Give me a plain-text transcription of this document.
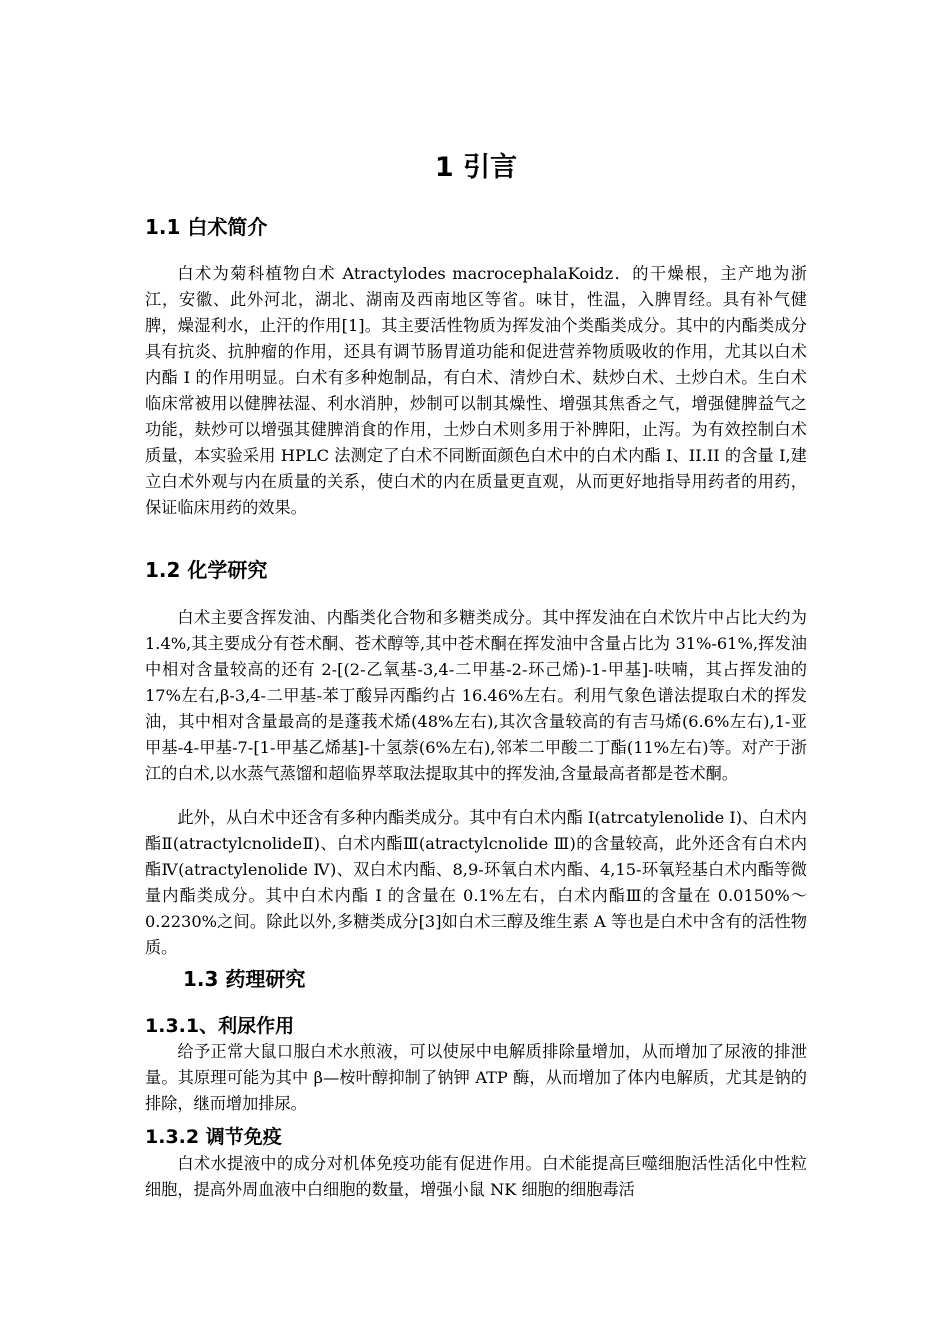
1 引言
1.1 白术简介
白术为菊科植物白术 Atractylodes macrocephalaKoidz．的干燥根，主产地为浙江，安徽、此外河北，湖北、湖南及西南地区等省。味甘，性温，入脾胃经。具有补气健脾，燥湿利水，止汗的作用[1]。其主要活性物质为挥发油个类酯类成分。其中的内酯类成分具有抗炎、抗肿瘤的作用，还具有调节肠胃道功能和促进营养物质吸收的作用，尤其以白术内酯 I 的作用明显。白术有多种炮制品，有白术、清炒白术、麸炒白术、土炒白术。生白术临床常被用以健脾祛湿、利水消肿，炒制可以制其燥性、增强其焦香之气，增强健脾益气之功能，麸炒可以增强其健脾消食的作用，土炒白术则多用于补脾阳，止泻。为有效控制白术质量，本实验采用 HPLC 法测定了白术不同断面颜色白术中的白术内酯 I、II.II 的含量 I,建立白术外观与内在质量的关系，使白术的内在质量更直观，从而更好地指导用药者的用药，保证临床用药的效果。
1.2 化学研究
白术主要含挥发油、内酯类化合物和多糖类成分。其中挥发油在白术饮片中占比大约为 1.4%,其主要成分有苍术酮、苍术醇等,其中苍术酮在挥发油中含量占比为 31%-61%,挥发油中相对含量较高的还有 2-[(2-乙氧基-3,4-二甲基-2-环己烯)-1-甲基]-呋喃，其占挥发油的 17%左右,β-3,4-二甲基-苯丁酸异丙酯约占 16.46%左右。利用气象色谱法提取白术的挥发油，其中相对含量最高的是蓬莪术烯(48%左右),其次含量较高的有吉马烯(6.6%左右),1-亚甲基-4-甲基-7-[1-甲基乙烯基]-十氢萘(6%左右),邻苯二甲酸二丁酯(11%左右)等。对产于浙江的白术,以水蒸气蒸馏和超临界萃取法提取其中的挥发油,含量最高者都是苍术酮。
此外，从白术中还含有多种内酯类成分。其中有白术内酯 I(atrcatylenolide Ⅰ)、白术内酯Ⅱ(atractylcnolideⅡ)、白术内酯Ⅲ(atractylcnolide Ⅲ)的含量较高，此外还含有白术内酯Ⅳ(atractylenolide Ⅳ)、双白术内酯、8,9-环氧白术内酯、4,15-环氧羟基白术内酯等微量内酯类成分。其中白术内酯 I 的含量在 0.1%左右，白术内酯Ⅲ的含量在 0.0150%～0.2230%之间。除此以外,多糖类成分[3]如白术三醇及维生素 A 等也是白术中含有的活性物质。
1.3 药理研究
1.3.1、利尿作用
给予正常大鼠口服白术水煎液，可以使尿中电解质排除量增加，从而增加了尿液的排泄量。其原理可能为其中 β—桉叶醇抑制了钠钾 ATP 酶，从而增加了体内电解质，尤其是钠的排除，继而增加排尿。
1.3.2 调节免疫
白术水提液中的成分对机体免疫功能有促进作用。白术能提高巨噬细胞活性活化中性粒细胞，提高外周血液中白细胞的数量，增强小鼠 NK 细胞的细胞毒活
